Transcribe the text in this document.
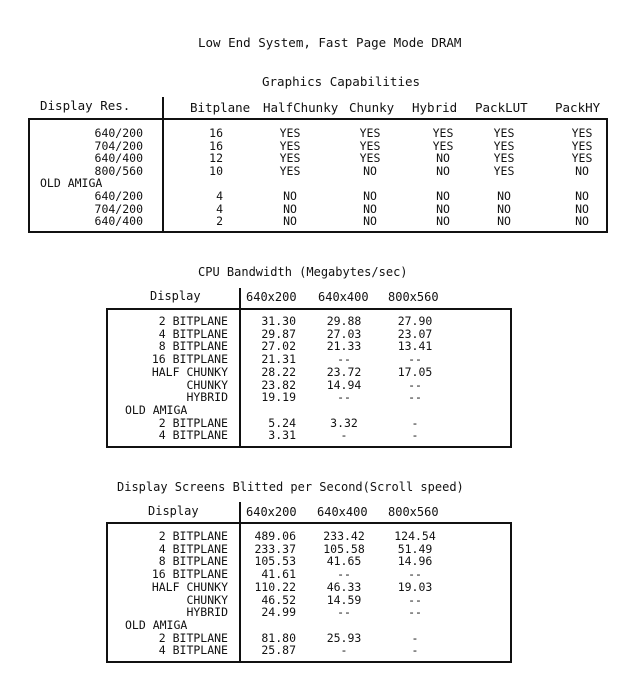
Low End System, Fast Page Mode DRAM
Graphics Capabilities
Display Res.	Bitplane HalfChunky Chunky Hybrid PackLUT PackHY
640/200	16	YES	YES	YES	YES	YES
704/200	16	YES	YES	YES	YES	YES
640/400	12	YES	YES	NO	YES	YES
800/560	10	YES	NO	NO	YES	NO
OLD AMIGA
640/200	4	NO	NO	NO	NO	NO
704/200	4	NO	NO	NO	NO	NO
640/400	2	NO	NO	NO	NO	NO
CPU Bandwidth (Megabytes/sec)
Display	640x200 640x400 800x560
2 BITPLANE	31.30	29.88	27.90
4 BITPLANE	29.87	27.03	23.07
8 BITPLANE	27.02	21.33	13.41
16 BITPLANE	21.31	--	--
HALF CHUNKY	28.22	23.72	17.05
CHUNKY	23.82	14.94	--
HYBRID	19.19	--	--
OLD AMIGA
2 BITPLANE	5.24	3.32	-
4 BITPLANE	3.31	-	-
Display Screens Blitted per Second(Scroll speed)
Display	640x200 640x400 800x560
2 BITPLANE	489.06	233.42	124.54
4 BITPLANE	233.37	105.58	51.49
8 BITPLANE	105.53	41.65	14.96
16 BITPLANE	41.61	--	--
HALF CHUNKY	110.22	46.33	19.03
CHUNKY	46.52	14.59	--
HYBRID	24.99	--	--
OLD AMIGA
2 BITPLANE	81.80	25.93	-
4 BITPLANE	25.87	-	-
